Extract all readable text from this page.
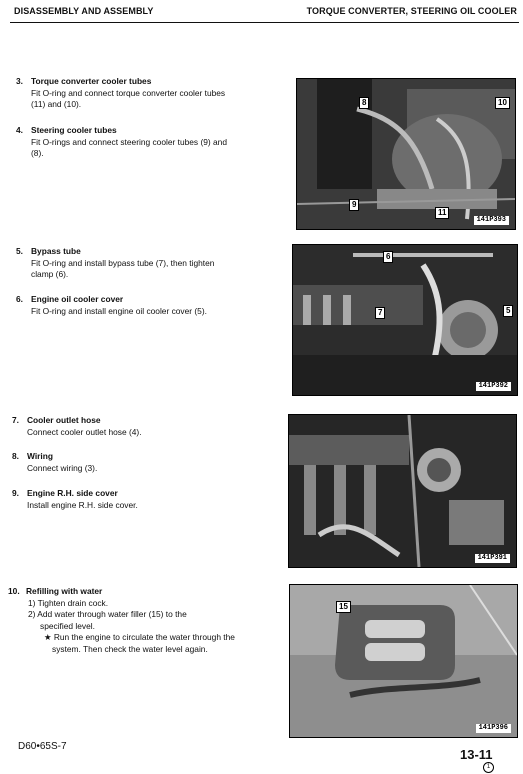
DISASSEMBLY AND ASSEMBLY	TORQUE CONVERTER, STEERING OIL COOLER
3. Torque converter cooler tubes
Fit O-ring and connect torque converter cooler tubes
(11) and (10).
4. Steering cooler tubes
Fit O-rings and connect steering cooler tubes (9) and
(8).
5. Bypass tube
Fit O-ring and install bypass tube (7), then tighten
clamp (6).
6. Engine oil cooler cover
Fit O-ring and install engine oil cooler cover (5).
7. Cooler outlet hose
Connect cooler outlet hose (4).
8. Wiring
Connect wiring (3).
9. Engine R.H. side cover
Install engine R.H. side cover.
10. Refilling with water
1) Tighten drain cock.
2) Add water through water filler (15) to the
specified level.
★ Run the engine to circulate the water through the system. Then check the water level again.
8	10
9
11
141P393
6
7	5
141P392
141P391
15
141P396
D60•65S-7
13-11
1
